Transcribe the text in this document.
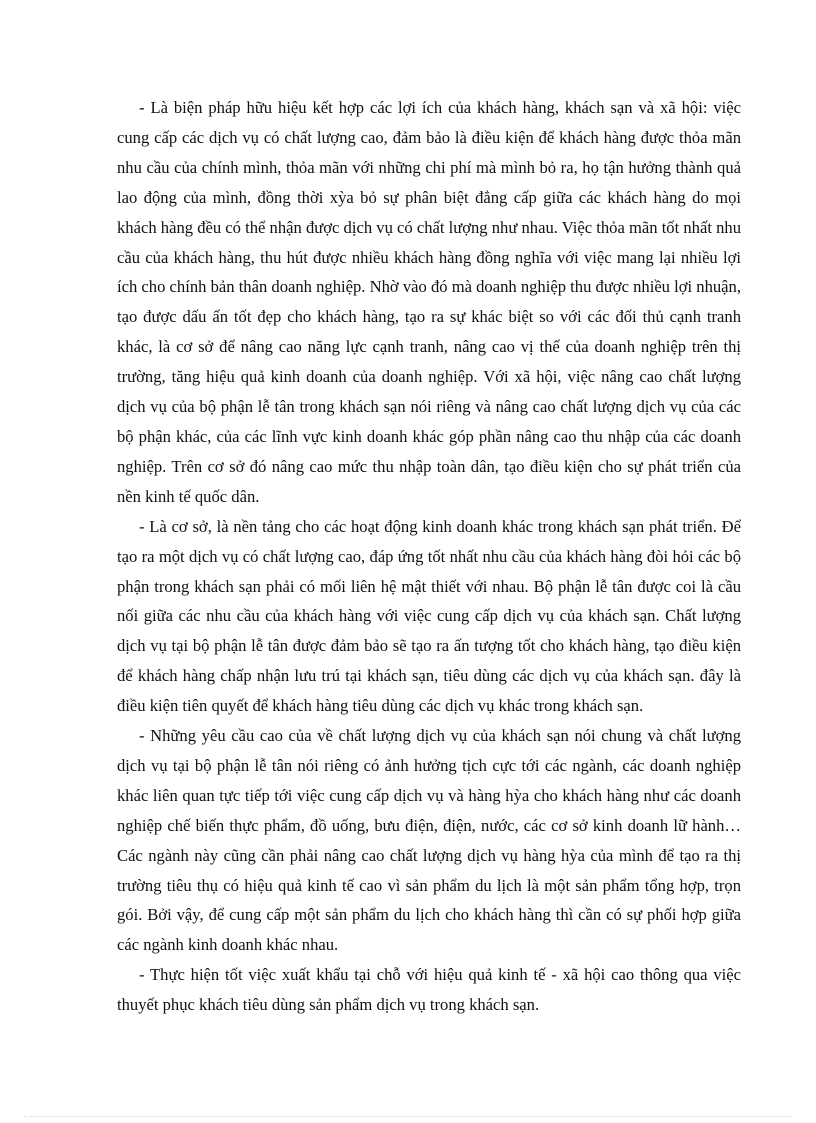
- Là biện pháp hữu hiệu kết hợp các lợi ích của khách hàng, khách sạn và xã hội: việc cung cấp các dịch vụ có chất lượng cao, đảm bảo là điều kiện để khách hàng được thỏa mãn nhu cầu của chính mình, thỏa mãn với những chi phí mà mình bỏ ra, họ tận hưởng thành quả lao động của mình, đồng thời xỳa bỏ sự phân biệt đẳng cấp giữa các khách hàng do mọi khách hàng đều có thể nhận được dịch vụ có chất lượng như nhau. Việc thỏa mãn tốt nhất nhu cầu của khách hàng, thu hút được nhiều khách hàng đồng nghĩa với việc mang lại nhiều lợi ích cho chính bản thân doanh nghiệp. Nhờ vào đó mà doanh nghiệp thu được nhiều lợi nhuận, tạo được dấu ấn tốt đẹp cho khách hàng, tạo ra sự khác biệt so với các đối thủ cạnh tranh khác, là cơ sở để nâng cao năng lực cạnh tranh, nâng cao vị thế của doanh nghiệp trên thị trường, tăng hiệu quả kinh doanh của doanh nghiệp. Với xã hội, việc nâng cao chất lượng dịch vụ của bộ phận lễ tân trong khách sạn nói riêng và nâng cao chất lượng dịch vụ của các bộ phận khác, của các lĩnh vực kinh doanh khác góp phần nâng cao thu nhập của các doanh nghiệp. Trên cơ sở đó nâng cao mức thu nhập toàn dân, tạo điều kiện cho sự phát triển của nền kinh tế quốc dân.

- Là cơ sở, là nền tảng cho các hoạt động kinh doanh khác trong khách sạn phát triển. Để tạo ra một dịch vụ có chất lượng cao, đáp ứng tốt nhất nhu cầu của khách hàng đòi hỏi các bộ phận trong khách sạn phải có mối liên hệ mật thiết với nhau. Bộ phận lễ tân được coi là cầu nối giữa các nhu cầu của khách hàng với việc cung cấp dịch vụ của khách sạn. Chất lượng dịch vụ tại bộ phận lễ tân được đảm bảo sẽ tạo ra ấn tượng tốt cho khách hàng, tạo điều kiện để khách hàng chấp nhận lưu trú tại khách sạn, tiêu dùng các dịch vụ của khách sạn. đây là điều kiện tiên quyết để khách hàng tiêu dùng các dịch vụ khác trong khách sạn.

- Những yêu cầu cao của về chất lượng dịch vụ của khách sạn nói chung và chất lượng dịch vụ tại bộ phận lễ tân nói riêng có ảnh hưởng tịch cực tới các ngành, các doanh nghiệp khác liên quan tực tiếp tới việc cung cấp dịch vụ và hàng hỳa cho khách hàng như các doanh nghiệp chế biến thực phẩm, đồ uống, bưu điện, điện, nước, các cơ sở kinh doanh lữ hành… Các ngành này cũng cần phải nâng cao chất lượng dịch vụ hàng hỳa của mình để tạo ra thị trường tiêu thụ có hiệu quả kinh tế cao vì sản phẩm du lịch là một sản phẩm tổng hợp, trọn gói. Bởi vậy, để cung cấp một sản phẩm du lịch cho khách hàng thì cần có sự phối hợp giữa các ngành kinh doanh khác nhau.

- Thực hiện tốt việc xuất khẩu tại chỗ với hiệu quả kinh tế - xã hội cao thông qua việc thuyết phục khách tiêu dùng sản phẩm dịch vụ trong khách sạn.
